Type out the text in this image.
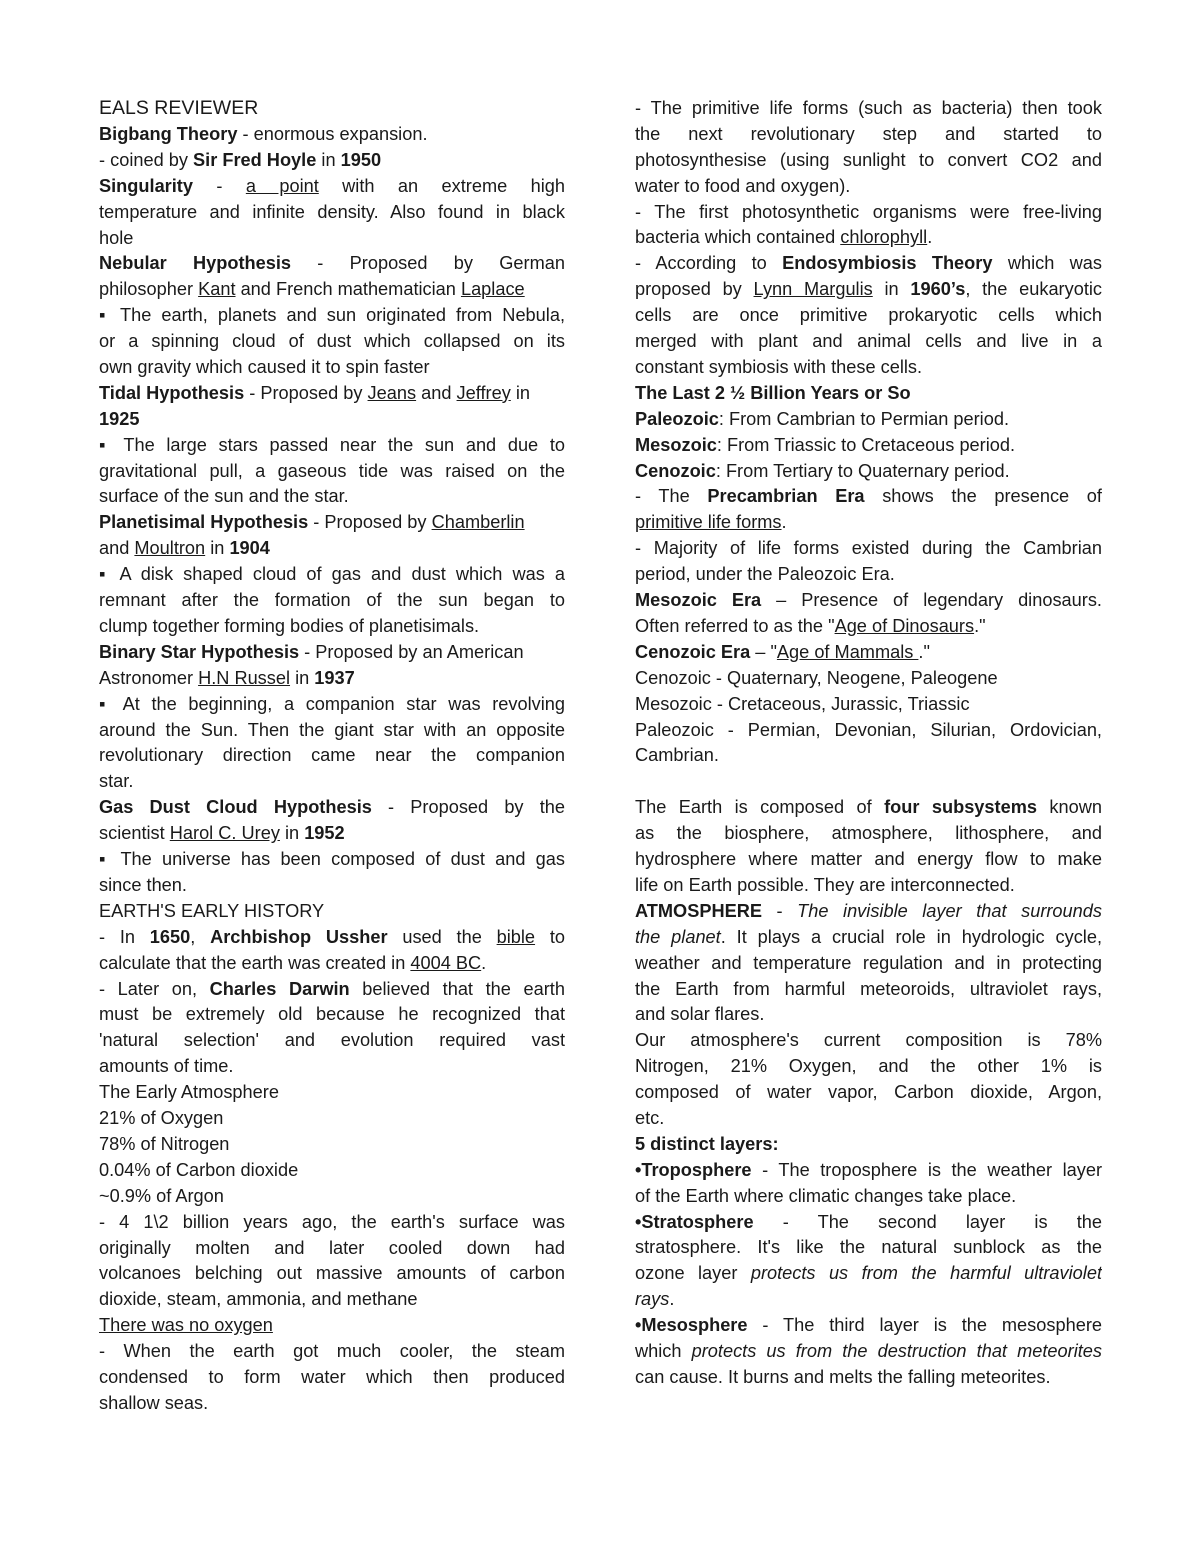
EALS REVIEWER
Bigbang Theory - enormous expansion.
- coined by Sir Fred Hoyle in 1950
Singularity - a point with an extreme high
temperature and infinite density. Also found in black
hole
Nebular Hypothesis - Proposed by German
philosopher Kant and French mathematician Laplace
▪ The earth, planets and sun originated from Nebula,
or a spinning cloud of dust which collapsed on its
own gravity which caused it to spin faster
Tidal Hypothesis - Proposed by Jeans and Jeffrey in
1925
▪ The large stars passed near the sun and due to
gravitational pull, a gaseous tide was raised on the
surface of the sun and the star.
Planetisimal Hypothesis - Proposed by Chamberlin
and Moultron in 1904
▪ A disk shaped cloud of gas and dust which was a
remnant after the formation of the sun began to
clump together forming bodies of planetisimals.
Binary Star Hypothesis - Proposed by an American
Astronomer H.N Russel in 1937
▪ At the beginning, a companion star was revolving
around the Sun. Then the giant star with an opposite
revolutionary direction came near the companion
star.
Gas Dust Cloud Hypothesis - Proposed by the
scientist Harol C. Urey in 1952
▪ The universe has been composed of dust and gas
since then.
EARTH'S EARLY HISTORY
- In 1650, Archbishop Ussher used the bible to
calculate that the earth was created in 4004 BC.
- Later on, Charles Darwin believed that the earth
must be extremely old because he recognized that
'natural selection' and evolution required vast
amounts of time.
The Early Atmosphere
21% of Oxygen
78% of Nitrogen
0.04% of Carbon dioxide
~0.9% of Argon
- 4 1\2 billion years ago, the earth's surface was
originally molten and later cooled down had
volcanoes belching out massive amounts of carbon
dioxide, steam, ammonia, and methane
There was no oxygen
- When the earth got much cooler, the steam
condensed to form water which then produced
shallow seas.
- The primitive life forms (such as bacteria) then took
the next revolutionary step and started to
photosynthesise (using sunlight to convert CO2 and
water to food and oxygen).
- The first photosynthetic organisms were free-living
bacteria which contained chlorophyll.
- According to Endosymbiosis Theory which was
proposed by Lynn Margulis in 1960’s, the eukaryotic
cells are once primitive prokaryotic cells which
merged with plant and animal cells and live in a
constant symbiosis with these cells.
The Last 2 ½ Billion Years or So
Paleozoic: From Cambrian to Permian period.
Mesozoic: From Triassic to Cretaceous period.
Cenozoic: From Tertiary to Quaternary period.
- The Precambrian Era shows the presence of
primitive life forms.
- Majority of life forms existed during the Cambrian
period, under the Paleozoic Era.
Mesozoic Era – Presence of legendary dinosaurs.
Often referred to as the "Age of Dinosaurs."
Cenozoic Era – "Age of Mammals ."
Cenozoic - Quaternary, Neogene, Paleogene
Mesozoic - Cretaceous, Jurassic, Triassic
Paleozoic - Permian, Devonian, Silurian, Ordovician,
Cambrian.
The Earth is composed of four subsystems known
as the biosphere, atmosphere, lithosphere, and
hydrosphere where matter and energy flow to make
life on Earth possible. They are interconnected.
ATMOSPHERE - The invisible layer that surrounds
the planet. It plays a crucial role in hydrologic cycle,
weather and temperature regulation and in protecting
the Earth from harmful meteoroids, ultraviolet rays,
and solar flares.
Our atmosphere's current composition is 78%
Nitrogen, 21% Oxygen, and the other 1% is
composed of water vapor, Carbon dioxide, Argon,
etc.
5 distinct layers:
•Troposphere - The troposphere is the weather layer
of the Earth where climatic changes take place.
•Stratosphere - The second layer is the
stratosphere. It's like the natural sunblock as the
ozone layer protects us from the harmful ultraviolet
rays.
•Mesosphere - The third layer is the mesosphere
which protects us from the destruction that meteorites
can cause. It burns and melts the falling meteorites.
